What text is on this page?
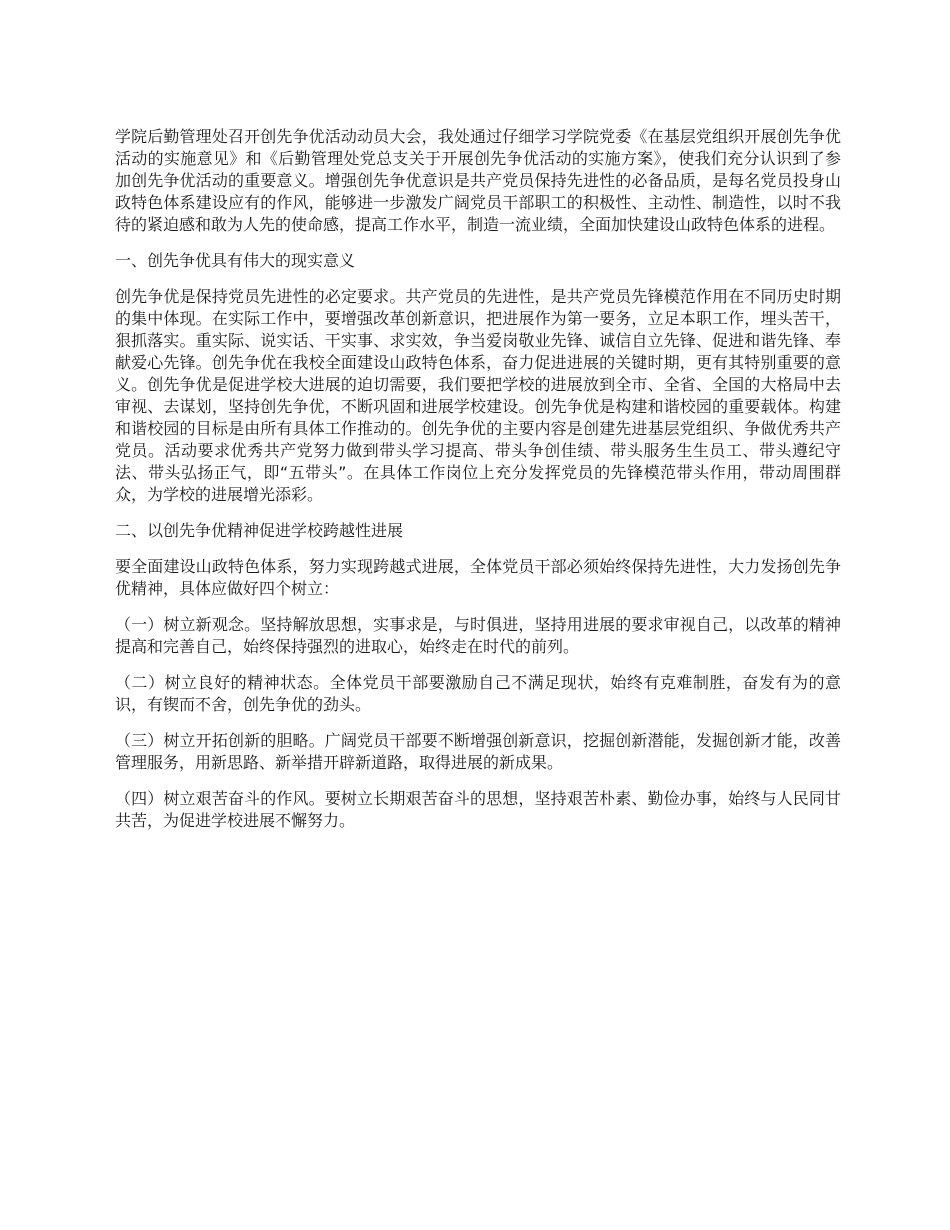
学院后勤管理处召开创先争优活动动员大会，我处通过仔细学习学院党委《在基层党组织开展创先争优活动的实施意见》和《后勤管理处党总支关于开展创先争优活动的实施方案》，使我们充分认识到了参加创先争优活动的重要意义。增强创先争优意识是共产党员保持先进性的必备品质，是每名党员投身山政特色体系建设应有的作风，能够进一步激发广阔党员干部职工的积极性、主动性、制造性，以时不我待的紧迫感和敢为人先的使命感，提高工作水平，制造一流业绩，全面加快建设山政特色体系的进程。

一、创先争优具有伟大的现实意义

创先争优是保持党员先进性的必定要求。共产党员的先进性，是共产党员先锋模范作用在不同历史时期的集中体现。在实际工作中，要增强改革创新意识，把进展作为第一要务，立足本职工作，埋头苦干，狠抓落实。重实际、说实话、干实事、求实效，争当爱岗敬业先锋、诚信自立先锋、促进和谐先锋、奉献爱心先锋。创先争优在我校全面建设山政特色体系，奋力促进进展的关键时期，更有其特别重要的意义。创先争优是促进学校大进展的迫切需要，我们要把学校的进展放到全市、全省、全国的大格局中去审视、去谋划，坚持创先争优，不断巩固和进展学校建设。创先争优是构建和谐校园的重要载体。构建和谐校园的目标是由所有具体工作推动的。创先争优的主要内容是创建先进基层党组织、争做优秀共产党员。活动要求优秀共产党努力做到带头学习提高、带头争创佳绩、带头服务生生员工、带头遵纪守法、带头弘扬正气，即“五带头”。在具体工作岗位上充分发挥党员的先锋模范带头作用，带动周围群众，为学校的进展增光添彩。

二、以创先争优精神促进学校跨越性进展

要全面建设山政特色体系，努力实现跨越式进展，全体党员干部必须始终保持先进性，大力发扬创先争优精神，具体应做好四个树立：

（一）树立新观念。坚持解放思想，实事求是，与时俱进，坚持用进展的要求审视自己，以改革的精神提高和完善自己，始终保持强烈的进取心，始终走在时代的前列。

（二）树立良好的精神状态。全体党员干部要激励自己不满足现状，始终有克难制胜，奋发有为的意识，有锲而不舍，创先争优的劲头。

（三）树立开拓创新的胆略。广阔党员干部要不断增强创新意识，挖掘创新潜能，发掘创新才能，改善管理服务，用新思路、新举措开辟新道路，取得进展的新成果。

（四）树立艰苦奋斗的作风。要树立长期艰苦奋斗的思想，坚持艰苦朴素、勤俭办事，始终与人民同甘共苦，为促进学校进展不懈努力。
